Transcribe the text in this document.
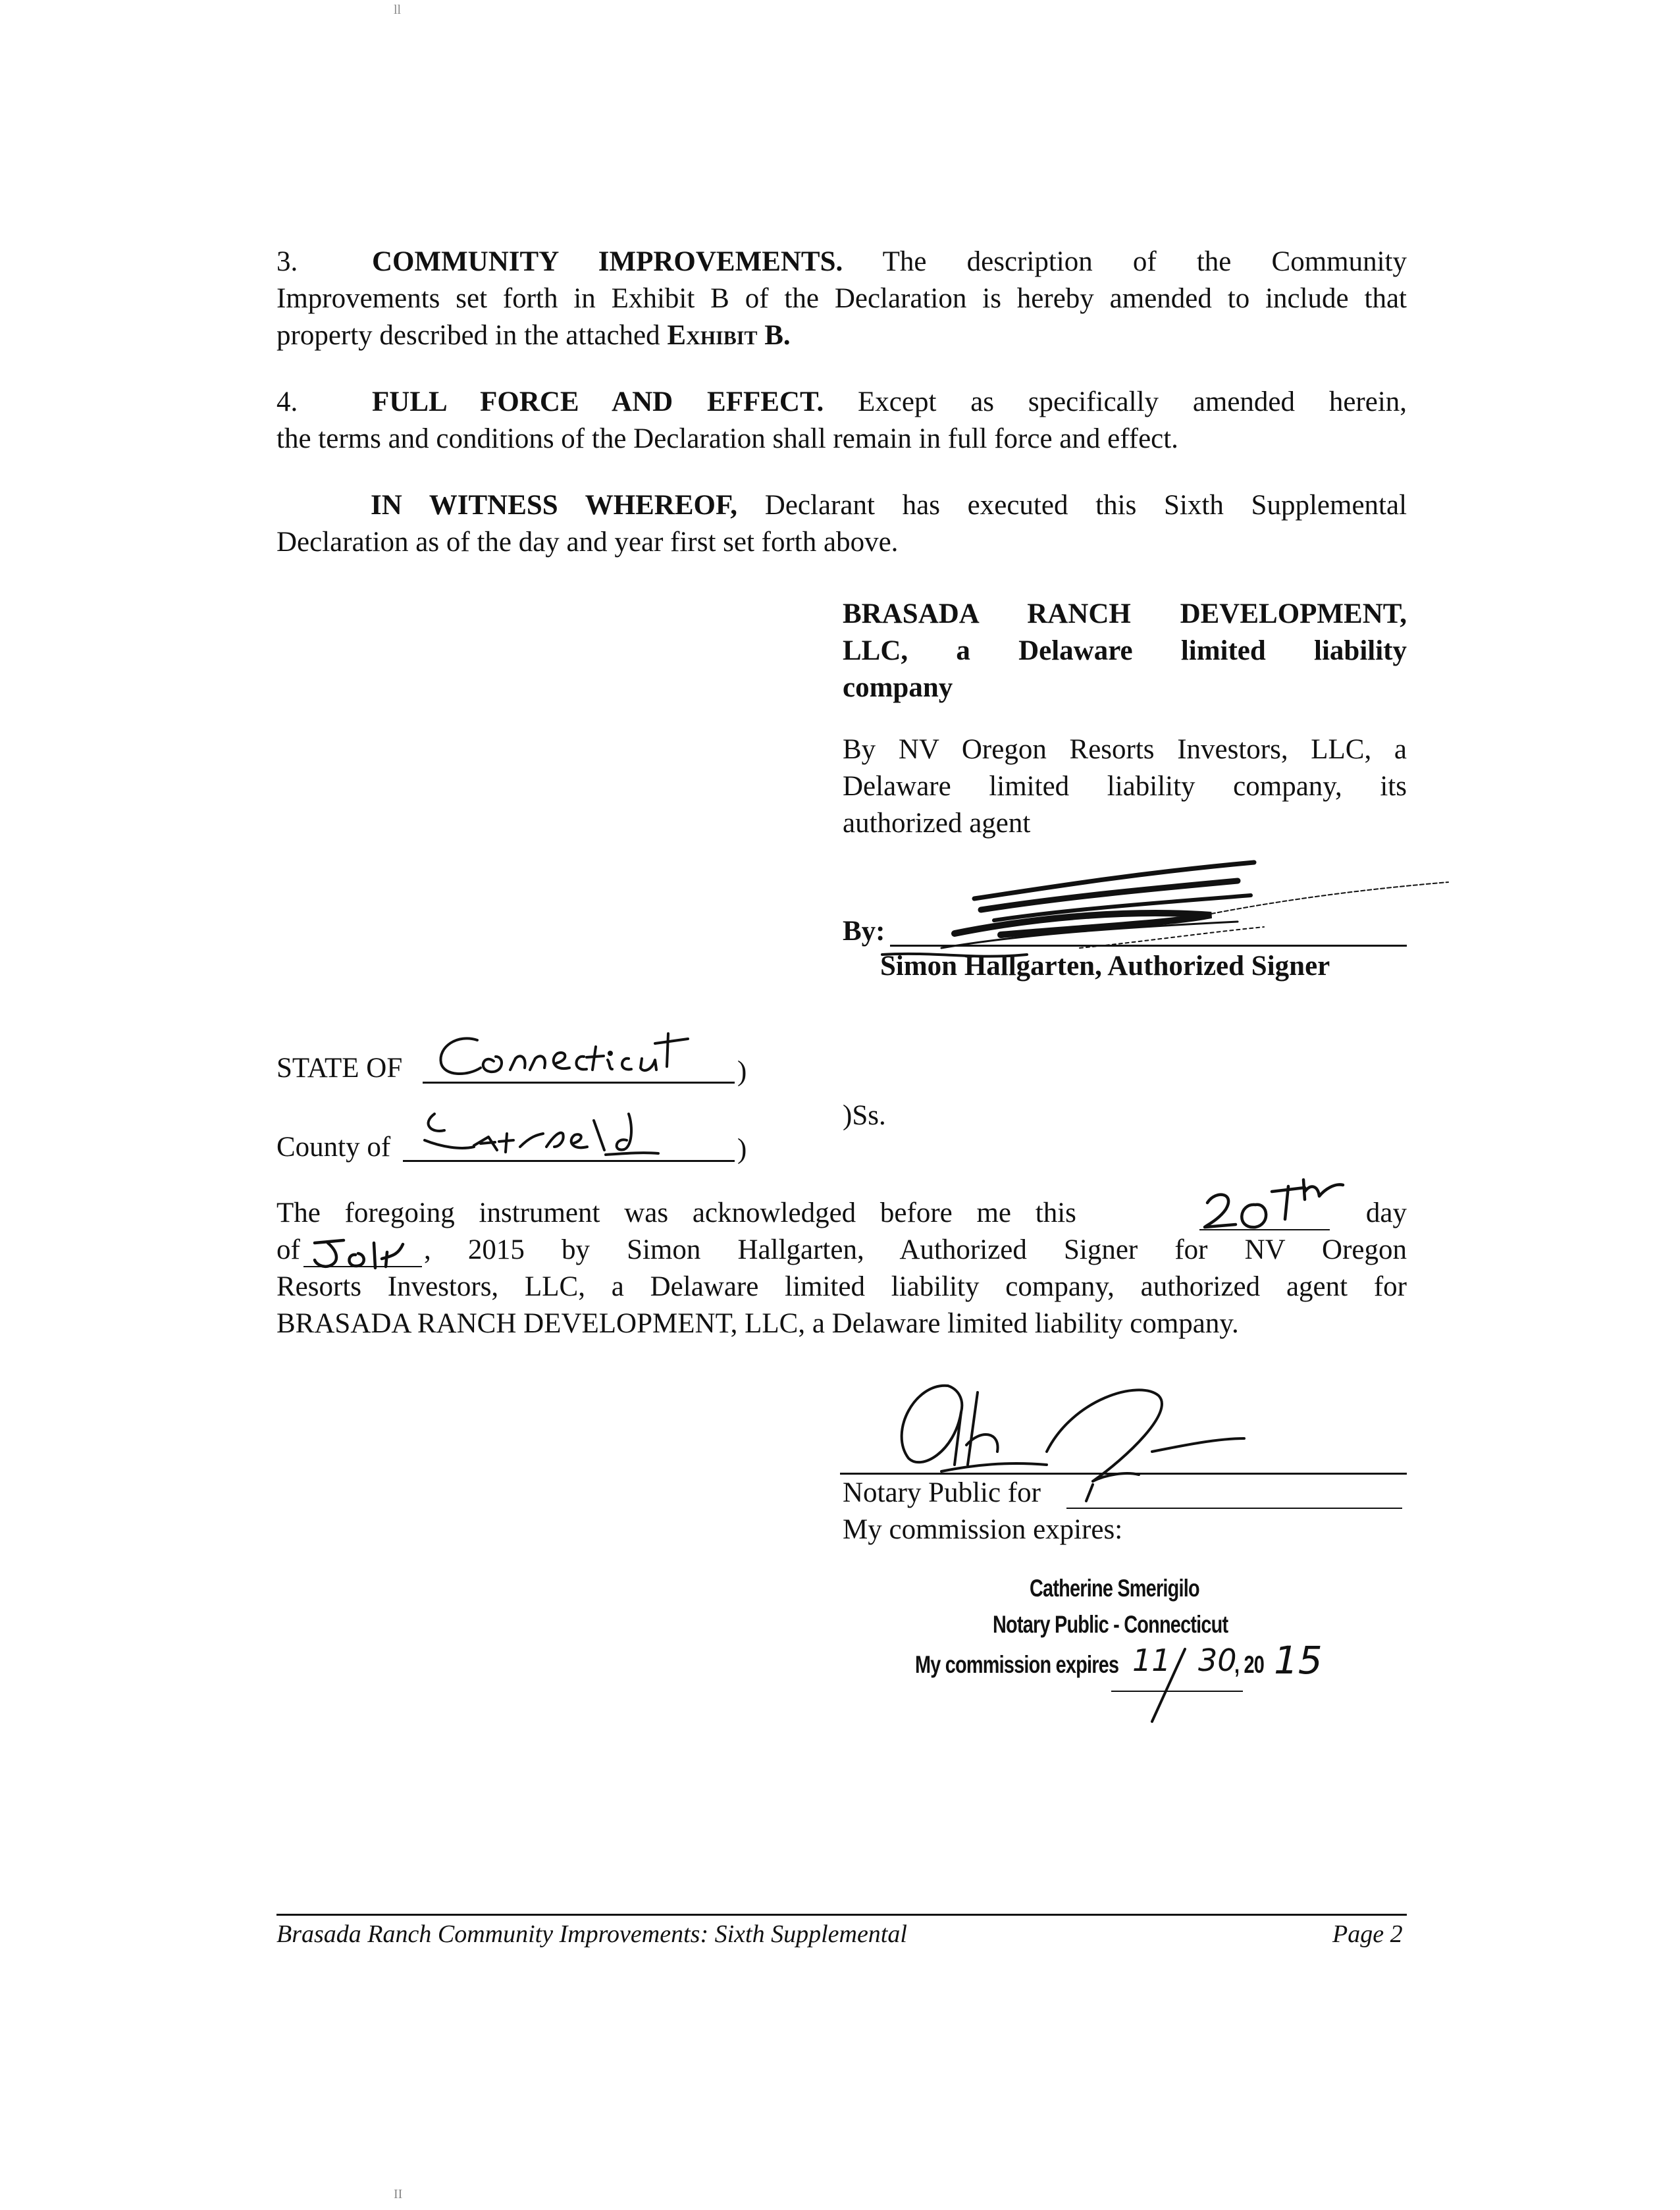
ll
3.	COMMUNITY IMPROVEMENTS. The description of the Community
Improvements set forth in Exhibit B of the Declaration is hereby amended to include that
property described in the attached Exhibit B.
4.	FULL FORCE AND EFFECT. Except as specifically amended herein,
the terms and conditions of the Declaration shall remain in full force and effect.
IN WITNESS WHEREOF, Declarant has executed this Sixth Supplemental
Declaration as of the day and year first set forth above.
BRASADA RANCH DEVELOPMENT,
LLC, a Delaware limited liability
company
By NV Oregon Resorts Investors, LLC, a
Delaware limited liability company, its
authorized agent
By:
Simon Hallgarten, Authorized Signer
STATE OF	)
County of	)
)Ss.
The foregoing instrument was acknowledged before me this	day
of	, 2015 by Simon Hallgarten, Authorized Signer for NV Oregon
Resorts Investors, LLC, a Delaware limited liability company, authorized agent for
BRASADA RANCH DEVELOPMENT, LLC, a Delaware limited liability company.
Notary Public for
My commission expires:
Catherine Smerigilo
Notary Public - Connecticut
My commission expires 11 30
, 20 15
Brasada Ranch Community Improvements: Sixth Supplemental	Page 2
II
